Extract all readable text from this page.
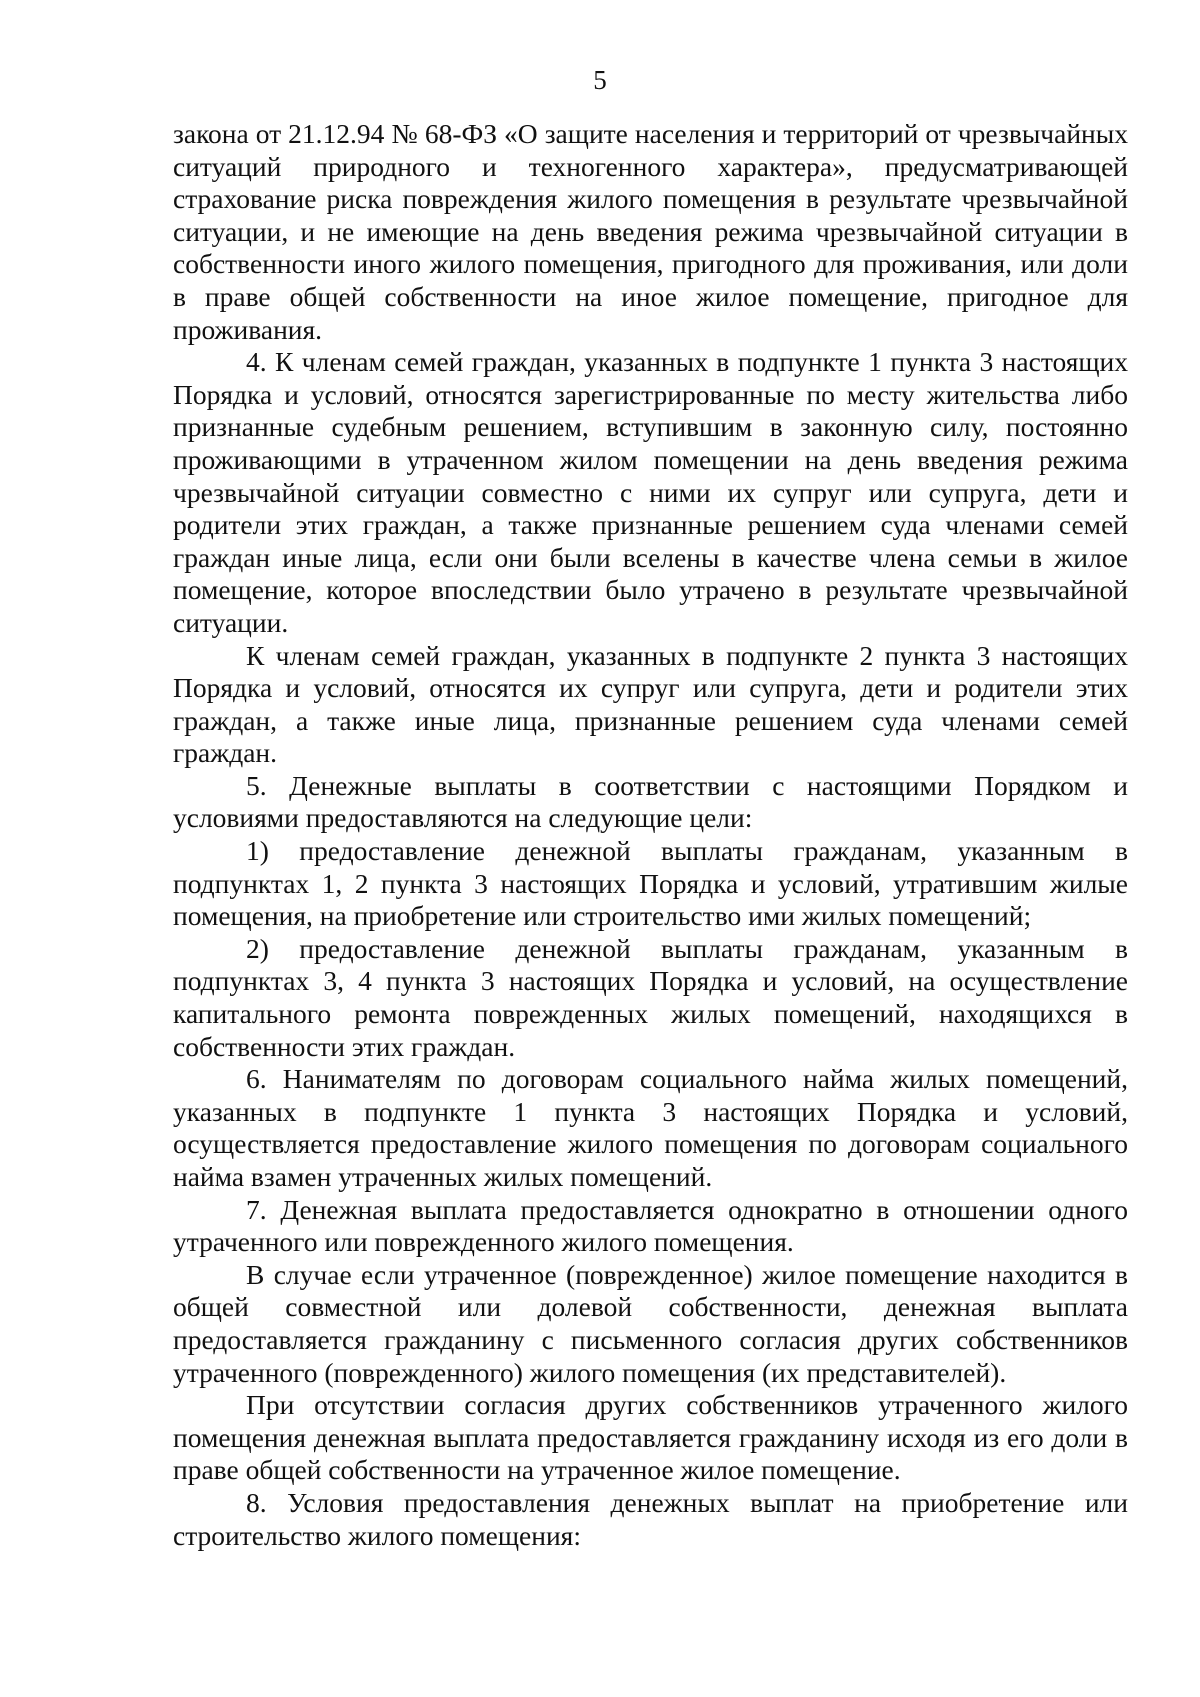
5

закона от 21.12.94 № 68-ФЗ «О защите населения и территорий от чрезвычайных ситуаций природного и техногенного характера», предусматривающей страхование риска повреждения жилого помещения в результате чрезвычайной ситуации, и не имеющие на день введения режима чрезвычайной ситуации в собственности иного жилого помещения, пригодного для проживания, или доли в праве общей собственности на иное жилое помещение, пригодное для проживания.

4. К членам семей граждан, указанных в подпункте 1 пункта 3 настоящих Порядка и условий, относятся зарегистрированные по месту жительства либо признанные судебным решением, вступившим в законную силу, постоянно проживающими в утраченном жилом помещении на день введения режима чрезвычайной ситуации совместно с ними их супруг или супруга, дети и родители этих граждан, а также признанные решением суда членами семей граждан иные лица, если они были вселены в качестве члена семьи в жилое помещение, которое впоследствии было утрачено в результате чрезвычайной ситуации.

К членам семей граждан, указанных в подпункте 2 пункта 3 настоящих Порядка и условий, относятся их супруг или супруга, дети и родители этих граждан, а также иные лица, признанные решением суда членами семей граждан.

5. Денежные выплаты в соответствии с настоящими Порядком и условиями предоставляются на следующие цели:

1) предоставление денежной выплаты гражданам, указанным в подпунктах 1, 2 пункта 3 настоящих Порядка и условий, утратившим жилые помещения, на приобретение или строительство ими жилых помещений;

2) предоставление денежной выплаты гражданам, указанным в подпунктах 3, 4 пункта 3 настоящих Порядка и условий, на осуществление капитального ремонта поврежденных жилых помещений, находящихся в собственности этих граждан.

6. Нанимателям по договорам социального найма жилых помещений, указанных в подпункте 1 пункта 3 настоящих Порядка и условий, осуществляется предоставление жилого помещения по договорам социального найма взамен утраченных жилых помещений.

7. Денежная выплата предоставляется однократно в отношении одного утраченного или поврежденного жилого помещения.

В случае если утраченное (поврежденное) жилое помещение находится в общей совместной или долевой собственности, денежная выплата предоставляется гражданину с письменного согласия других собственников утраченного (поврежденного) жилого помещения (их представителей).

При отсутствии согласия других собственников утраченного жилого помещения денежная выплата предоставляется гражданину исходя из его доли в праве общей собственности на утраченное жилое помещение.

8. Условия предоставления денежных выплат на приобретение или строительство жилого помещения:
